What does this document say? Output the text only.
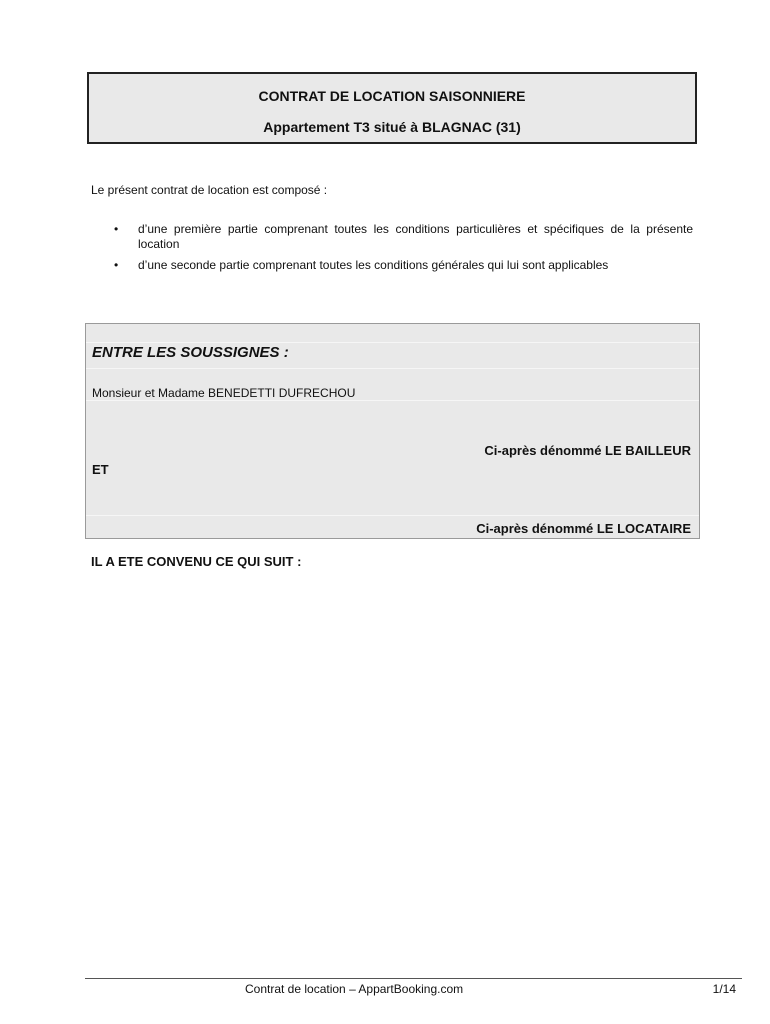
CONTRAT DE LOCATION SAISONNIERE
Appartement T3 situé à BLAGNAC (31)
Le présent contrat de location est composé :
• d’une première partie comprenant toutes les conditions particulières et spécifiques de la présente location
• d’une seconde partie comprenant toutes les conditions générales qui lui sont applicables
ENTRE LES SOUSSIGNES :
Monsieur et Madame BENEDETTI DUFRECHOU
Ci-après dénommé LE BAILLEUR
ET
Ci-après dénommé LE LOCATAIRE
IL A ETE CONVENU CE QUI SUIT :
Contrat de location – AppartBooking.com	1/14
